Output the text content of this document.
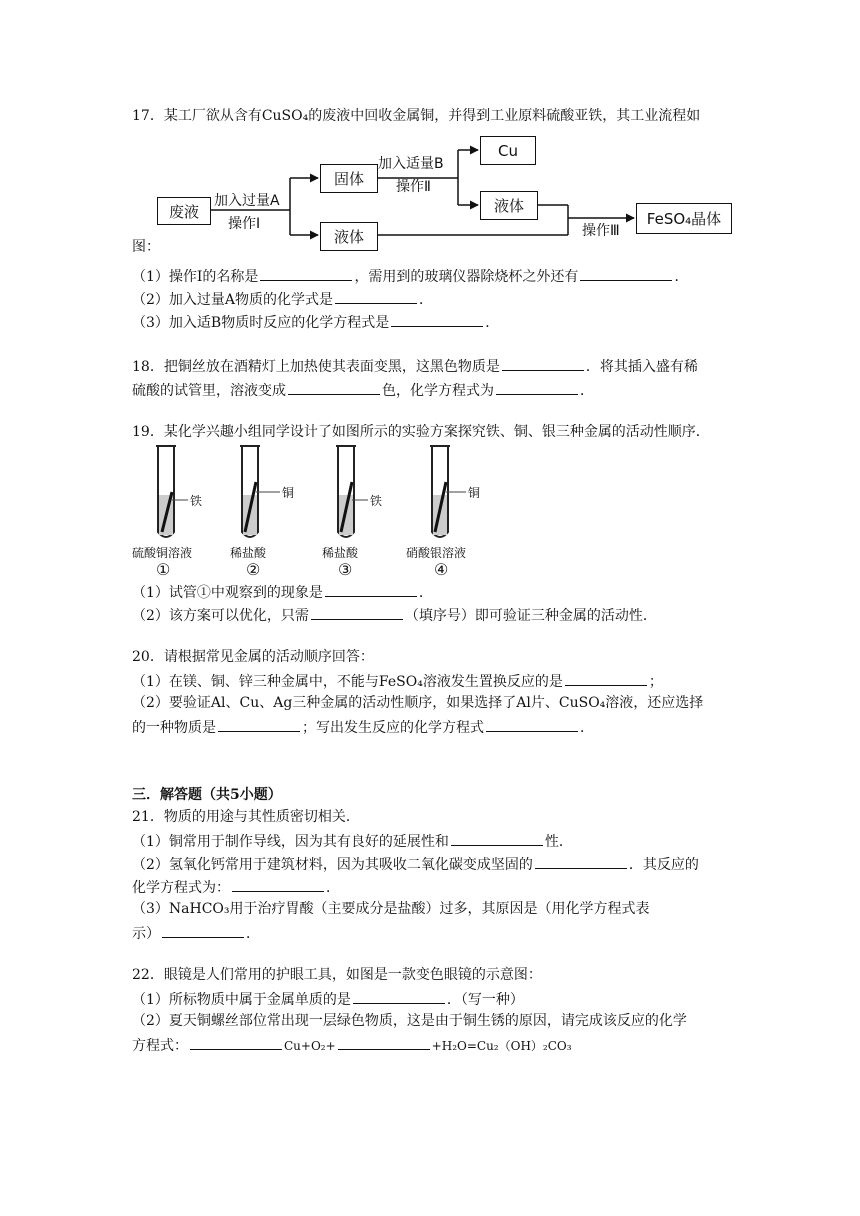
17．某工厂欲从含有CuSO₄的废液中回收金属铜，并得到工业原料硫酸亚铁，其工业流程如
废液
加入过量A
操作Ⅰ
固体
液体
加入适量B
操作Ⅱ
Cu
液体
操作Ⅲ
FeSO₄晶体
图：
（1）操作Ⅰ的名称是	，需用到的玻璃仪器除烧杯之外还有	．
（2）加入过量A物质的化学式是	．
（3）加入适B物质时反应的化学方程式是	．
18．把铜丝放在酒精灯上加热使其表面变黑，这黑色物质是	．将其插入盛有稀
硫酸的试管里，溶液变成	色，化学方程式为	．
19．某化学兴趣小组同学设计了如图所示的实验方案探究铁、铜、银三种金属的活动性顺序．
铁
铜
铁
铜
硫酸铜溶液	稀盐酸	稀盐酸	硝酸银溶液
①	②	③	④
（1）试管①中观察到的现象是	．
（2）该方案可以优化，只需	（填序号）即可验证三种金属的活动性．
20．请根据常见金属的活动顺序回答：
（1）在镁、铜、锌三种金属中，不能与FeSO₄溶液发生置换反应的是	；
（2）要验证Al、Cu、Ag三种金属的活动性顺序，如果选择了Al片、CuSO₄溶液，还应选择
的一种物质是	；写出发生反应的化学方程式	．
三．解答题（共5小题）
21．物质的用途与其性质密切相关．
（1）铜常用于制作导线，因为其有良好的延展性和	性．
（2）氢氧化钙常用于建筑材料，因为其吸收二氧化碳变成坚固的	．其反应的
化学方程式为：	．
（3）NaHCO₃用于治疗胃酸（主要成分是盐酸）过多，其原因是（用化学方程式表
示）	．
22．眼镜是人们常用的护眼工具，如图是一款变色眼镜的示意图：
（1）所标物质中属于金属单质的是	．（写一种）
（2）夏天铜螺丝部位常出现一层绿色物质，这是由于铜生锈的原因，请完成该反应的化学
方程式：	Cu+O₂+	+H₂O=Cu₂（OH）₂CO₃
